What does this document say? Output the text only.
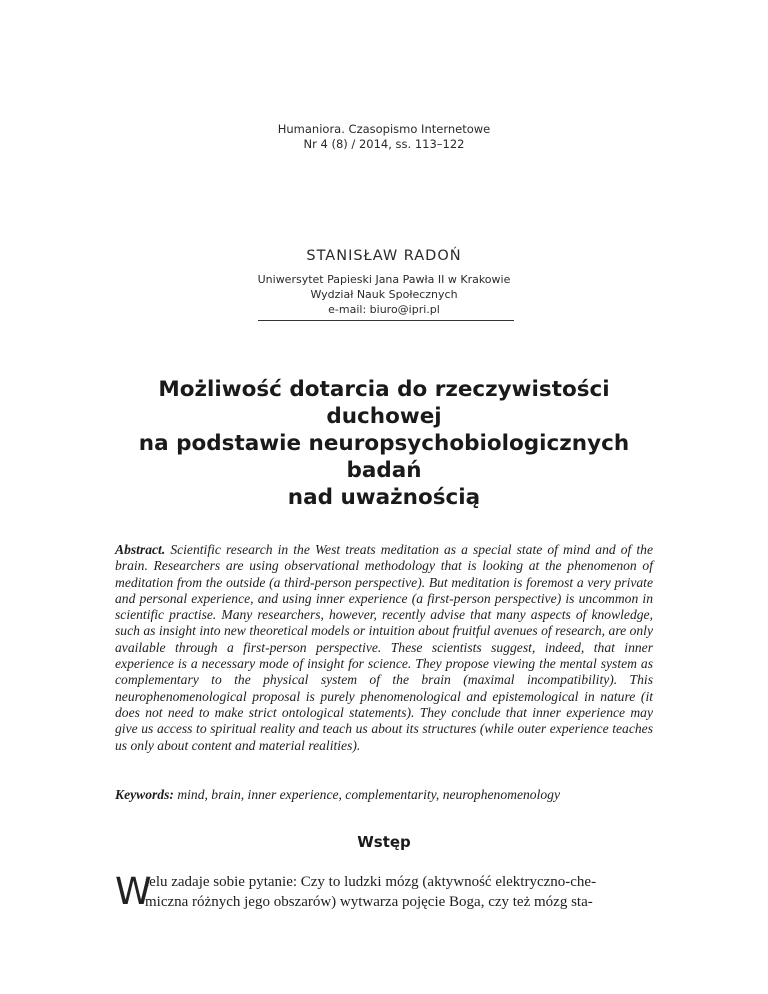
Humaniora. Czasopismo Internetowe
Nr 4 (8) / 2014, ss. 113–122
STANISŁAW RADOŃ
Uniwersytet Papieski Jana Pawła II w Krakowie
Wydział Nauk Społecznych
e-mail: biuro@ipri.pl
Możliwość dotarcia do rzeczywistości duchowej
na podstawie neuropsychobiologicznych badań
nad uważnością
Abstract. Scientific research in the West treats meditation as a special state of mind and of the brain. Researchers are using observational methodology that is looking at the phenomenon of meditation from the outside (a third-person perspective). But meditation is foremost a very private and personal experience, and using inner experience (a first-person perspective) is uncommon in scientific practise. Many researchers, however, recently advise that many aspects of knowledge, such as insight into new theoretical models or intuition about fruitful avenues of research, are only available through a first-person perspective. These scientists suggest, indeed, that inner experience is a necessary mode of insight for science. They propose viewing the mental system as complementary to the physical system of the brain (maximal incompatibility). This neurophenomenological proposal is purely phenomenological and epistemological in nature (it does not need to make strict ontological statements). They conclude that inner experience may give us access to spiritual reality and teach us about its structures (while outer experience teaches us only about content and material realities).
Keywords: mind, brain, inner experience, complementarity, neurophenomenology
Wstęp
W
ielu zadaje sobie pytanie: Czy to ludzki mózg (aktywność elektryczno-che-
miczna różnych jego obszarów) wytwarza pojęcie Boga, czy też mózg sta-
